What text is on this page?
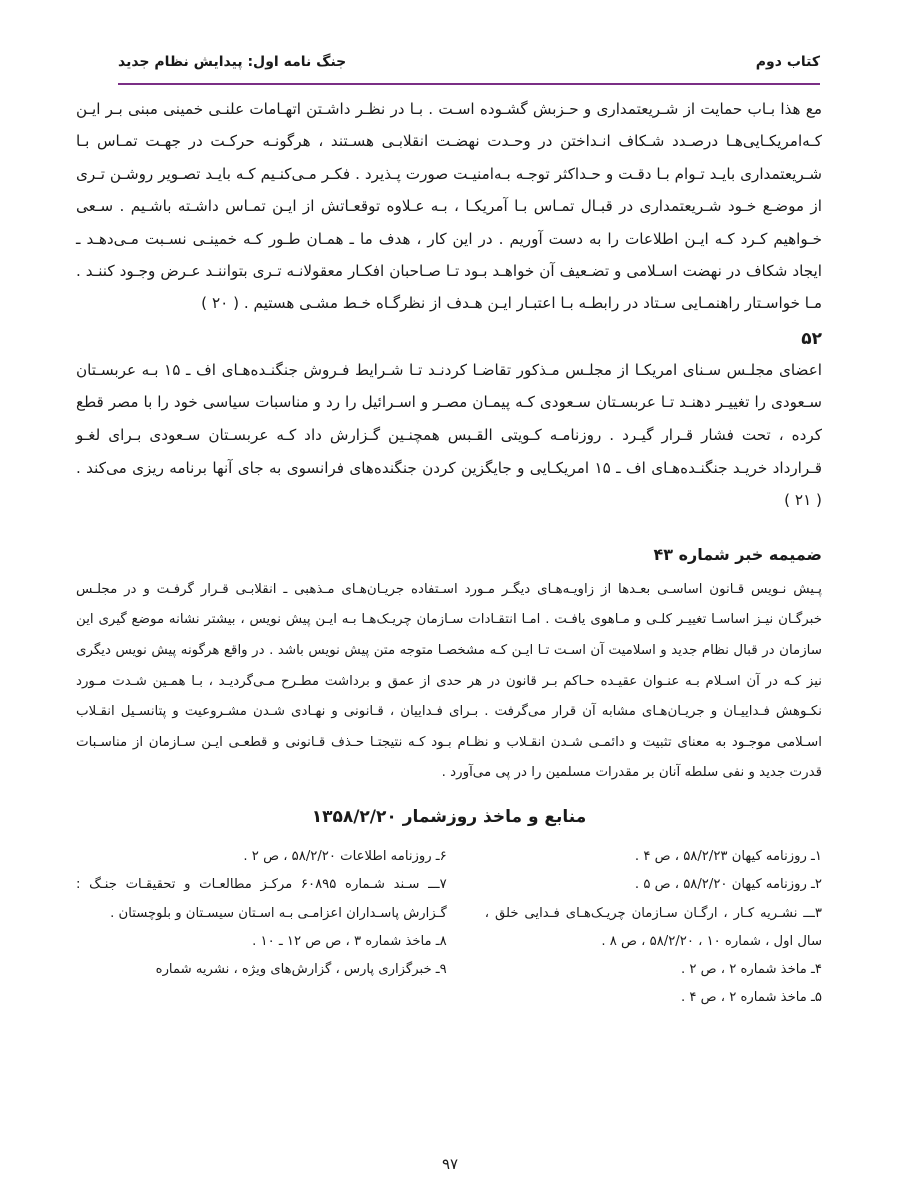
کتاب دوم
جنگ نامه اول: پیدایش نظام جدید

مع هذا بـاب حمایت از شـریعتمداری و حـزبش گشـوده اسـت . بـا در نظـر داشـتن اتهـامات علنـی خمینی مبنی بـر ایـن کـه‌امریکـایی‌هـا درصـدد شـکاف انـداختن در وحـدت نهضـت انقلابـی هسـتند ، هرگونـه حرکـت در جهـت تمـاس بـا شـریعتمداری بایـد تـوام بـا دقـت و حـداکثر توجـه بـه‌امنیـت صورت پـذیرد . فکـر مـی‌کنـیم کـه بایـد تصـویر روشـن تـری از موضـع خـود شـریعتمداری در قبـال تمـاس بـا آمریکـا ، بـه عـلاوه توقعـاتش از ایـن تمـاس داشـته باشـیم . سـعی خـواهیم کـرد کـه ایـن اطلاعات را به دست آوریم . در این کار ، هدف ما ـ همـان طـور کـه خمینـی نسـبت مـی‌دهـد ـ ایجاد شکاف در نهضت اسـلامی و تضـعیف آن خواهـد بـود تـا صـاحبان افکـار معقولانـه تـری بتواننـد عـرض وجـود کننـد . مـا خواسـتار راهنمـایی سـتاد در رابطـه بـا اعتبـار ایـن هـدف از نظرگـاه خـط مشـی هستیم . ( ۲۰ )

۵۲

اعضای مجلـس سـنای امریکـا از مجلـس مـذکور تقاضـا کردنـد تـا شـرایط فـروش جنگنـده‌هـای اف ـ ۱۵ بـه عربسـتان سـعودی را تغییـر دهنـد تـا عربسـتان سـعودی کـه پیمـان مصـر و اسـرائیل را رد و مناسبات سیاسی خود را با مصر قطع کرده ، تحت فشار قـرار گیـرد . روزنامـه کـویتی القـبس همچنـین گـزارش داد کـه عربسـتان سـعودی بـرای لغـو قـرارداد خریـد جنگنـده‌هـای اف ـ ۱۵ امریکـایی و جایگزین کردن جنگنده‌های فرانسوی به جای آنها برنامه ریزی می‌کند . ( ۲۱ )

ضمیمه خبر شماره ۴۳

پـیش نـویس قـانون اساسـی بعـدها از زاویـه‌هـای دیگـر مـورد اسـتفاده جریـان‌هـای مـذهبی ـ انقلابـی قـرار گرفـت و در مجلـس خبرگـان نیـز اساسـا تغییـر کلـی و مـاهوی یافـت . امـا انتقـادات سـازمان چریـک‌هـا بـه ایـن پیش نویس ، بیشتر نشانه موضع گیری این سازمان در قبال نظام جدید و اسلامیت آن اسـت تـا ایـن کـه مشخصـا متوجه متن پیش نویس باشد . در واقع هرگونه پیش نویس دیگری نیز کـه در آن اسـلام بـه عنـوان عقیـده حـاکم بـر قانون در هر حدی از عمق و برداشت مطـرح مـی‌گردیـد ، بـا همـین شـدت مـورد نکـوهش فـداییـان و جریـان‌هـای مشابه آن قرار می‌گرفت . بـرای فـداییان ، قـانونی و نهـادی شـدن مشـروعیت و پتانسـیل انقـلاب اسـلامی موجـود به معنای تثبیت و دائمـی شـدن انقـلاب و نظـام بـود کـه نتیجتـا حـذف قـانونی و قطعـی ایـن سـازمان از مناسـبات قدرت جدید و نفی سلطه آنان بر مقدرات مسلمین را در پی می‌آورد .

منابع و ماخذ روزشمار ۱۳۵۸/۲/۲۰

۱ـ روزنامه کیهان ۵۸/۲/۲۳ ، ص ۴ .

۲ـ روزنامه کیهان ۵۸/۲/۲۰ ، ص ۵ .

۳ـــ نشـریه کـار ، ارگـان سـازمان چریـک‌هـای فـدایی خلق ، سال اول ، شماره ۱۰ ، ۵۸/۲/۲۰ ، ص ۸ .

۴ـ ماخذ شماره ۲ ، ص ۲ .

۵ـ ماخذ شماره ۲ ، ص ۴ .

۶ـ روزنامه اطلاعات ۵۸/۲/۲۰ ، ص ۲ .

۷ـــ سـند شـماره ۶۰۸۹۵ مرکـز مطالعـات و تحقیقـات جنـگ : گـزارش پاسـداران اعزامـی بـه اسـتان سیسـتان و بلوچستان .

۸ـ ماخذ شماره ۳ ، ص ص ۱۲ ـ ۱۰ .

۹ـ خبرگزاری پارس ، گزارش‌های ویژه ، نشریه شماره

۹۷
